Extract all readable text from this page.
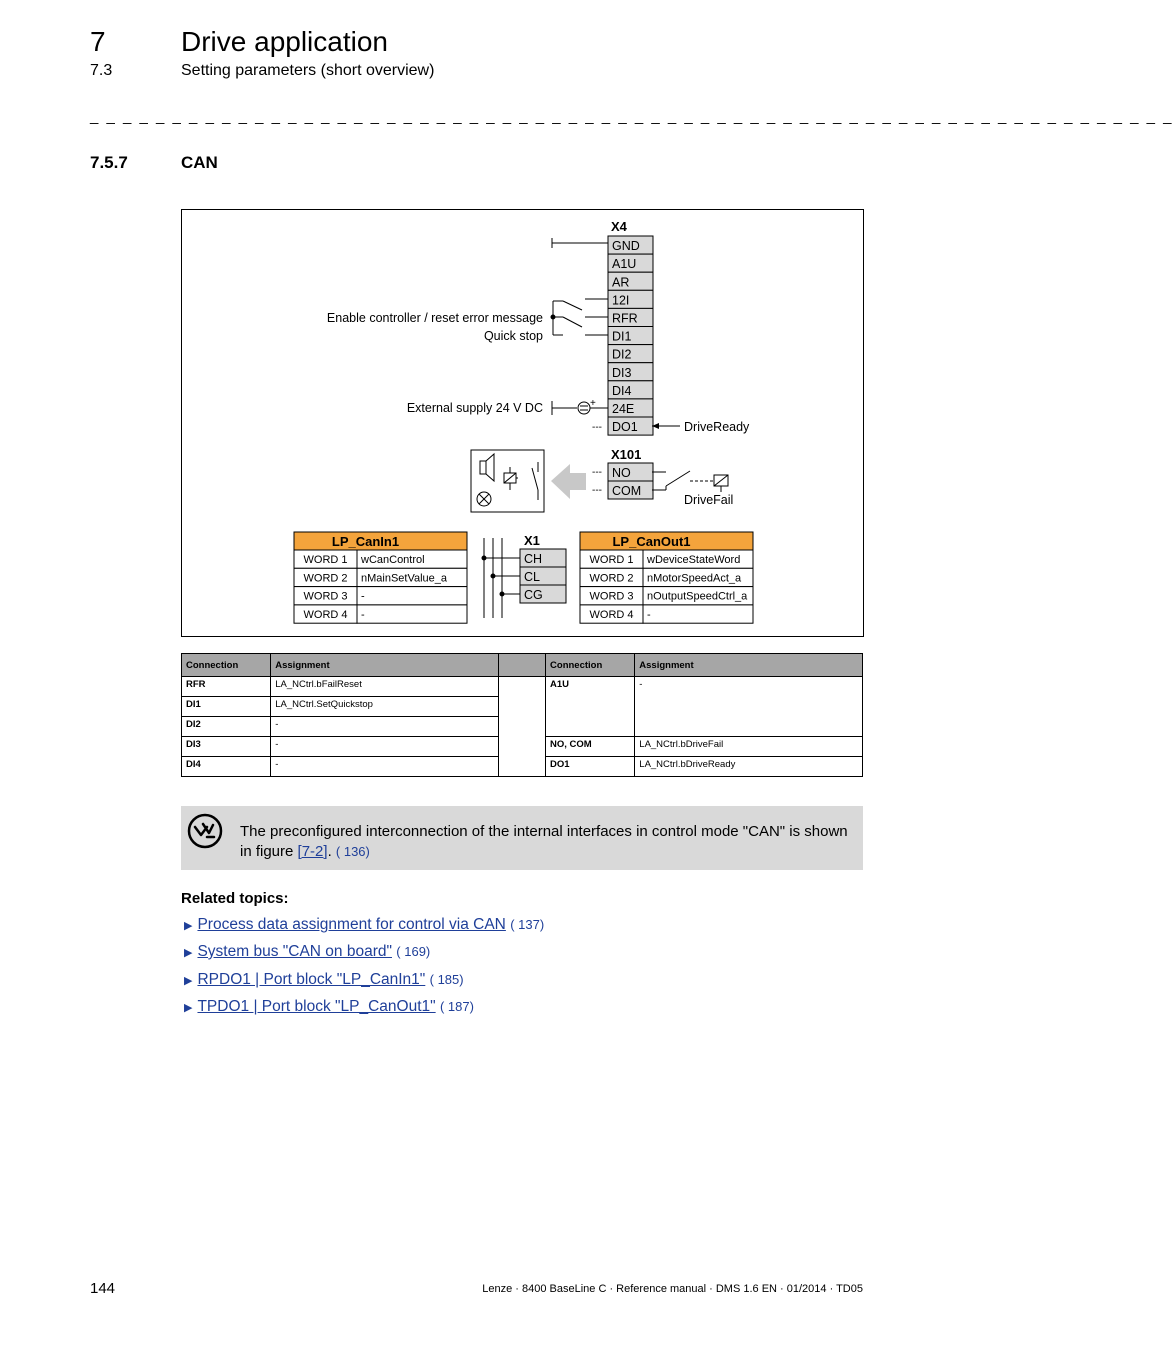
7	Drive application
7.3	Setting parameters (short overview)
_ _ _ _ _ _ _ _ _ _ _ _ _ _ _ _ _ _ _ _ _ _ _ _ _ _ _ _ _ _ _ _ _ _ _ _ _ _ _ _ _ _ _ _ _ _ _ _ _ _ _ _ _ _ _ _ _ _ _ _ _ _ _ _ _ _
7.5.7	CAN
X4
GND
A1U
AR
12I
RFR
DI1
DI2
DI3
DI4
24E
DO1
Enable controller / reset error message
Quick stop
External supply 24 V DC	+
---	DriveReady
X101
NO
COM
---
---
DriveFail
LP_CanIn1
WORD 1 wCanControl
WORD 2 nMainSetValue_a
WORD 3 -
WORD 4 -
X1
CH
CL
CG
LP_CanOut1
WORD 1 wDeviceStateWord
WORD 2 nMotorSpeedAct_a
WORD 3 nOutputSpeedCtrl_a
WORD 4 -
Connection	Assignment		Connection	Assignment
RFR	LA_NCtrl.bFailReset		A1U	-
DI1	LA_NCtrl.SetQuickstop			
DI2	-			
DI3	-		NO, COM	LA_NCtrl.bDriveFail
DI4	-		DO1	LA_NCtrl.bDriveReady
The preconfigured interconnection of the internal interfaces in control mode "CAN" is shown in figure [7-2]. ( 136)
Related topics:
▶ Process data assignment for control via CAN ( 137)
▶ System bus "CAN on board" ( 169)
▶ RPDO1 | Port block "LP_CanIn1" ( 185)
▶ TPDO1 | Port block "LP_CanOut1" ( 187)
144	Lenze · 8400 BaseLine C · Reference manual · DMS 1.6 EN · 01/2014 · TD05
